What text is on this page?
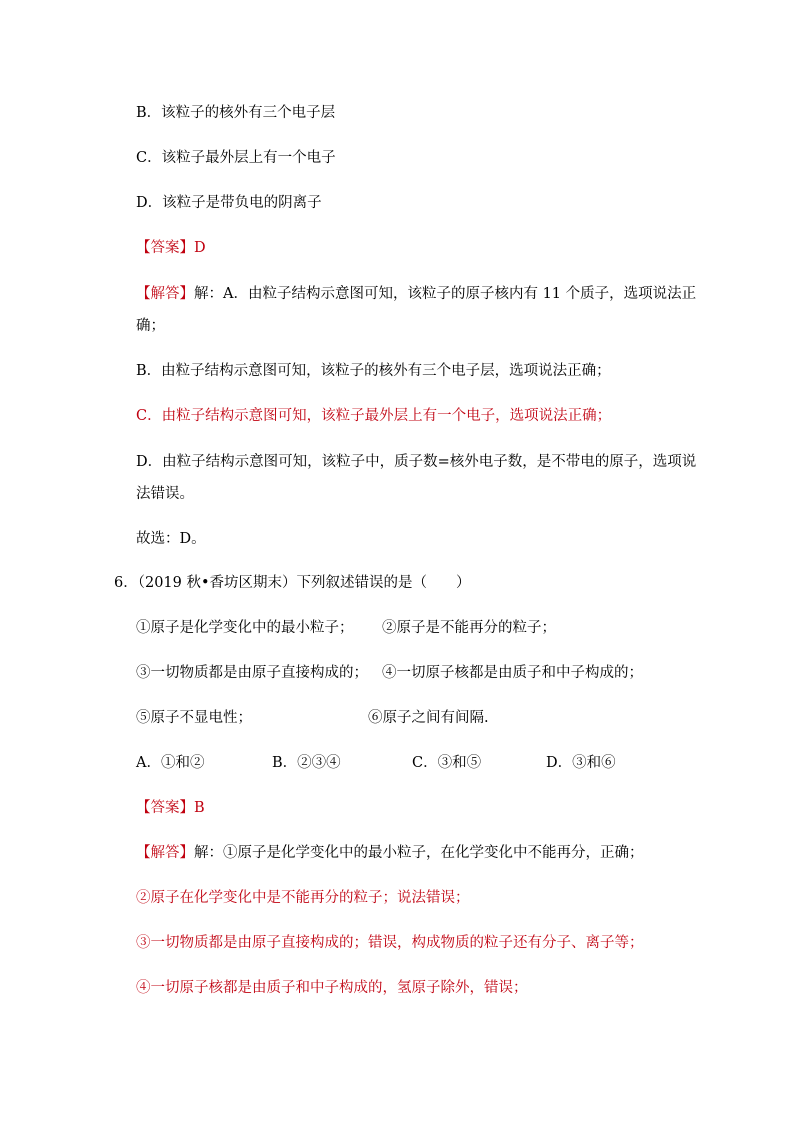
B．该粒子的核外有三个电子层
C．该粒子最外层上有一个电子
D．该粒子是带负电的阴离子
【答案】D
【解答】解：A．由粒子结构示意图可知，该粒子的原子核内有 11 个质子，选项说法正
确；
B．由粒子结构示意图可知，该粒子的核外有三个电子层，选项说法正确；
C．由粒子结构示意图可知，该粒子最外层上有一个电子，选项说法正确；
D．由粒子结构示意图可知，该粒子中，质子数=核外电子数，是不带电的原子，选项说
法错误。
故选：D。
6．（2019 秋•香坊区期末）下列叙述错误的是（　　）
①原子是化学变化中的最小粒子； ②原子是不能再分的粒子；
③一切物质都是由原子直接构成的； ④一切原子核都是由质子和中子构成的；
⑤原子不显电性；	⑥原子之间有间隔.
A．①和②	B．②③④	C．③和⑤	D．③和⑥
【答案】B
【解答】解：①原子是化学变化中的最小粒子，在化学变化中不能再分，正确；
②原子在化学变化中是不能再分的粒子；说法错误；
③一切物质都是由原子直接构成的；错误，构成物质的粒子还有分子、离子等；
④一切原子核都是由质子和中子构成的，氢原子除外，错误；
